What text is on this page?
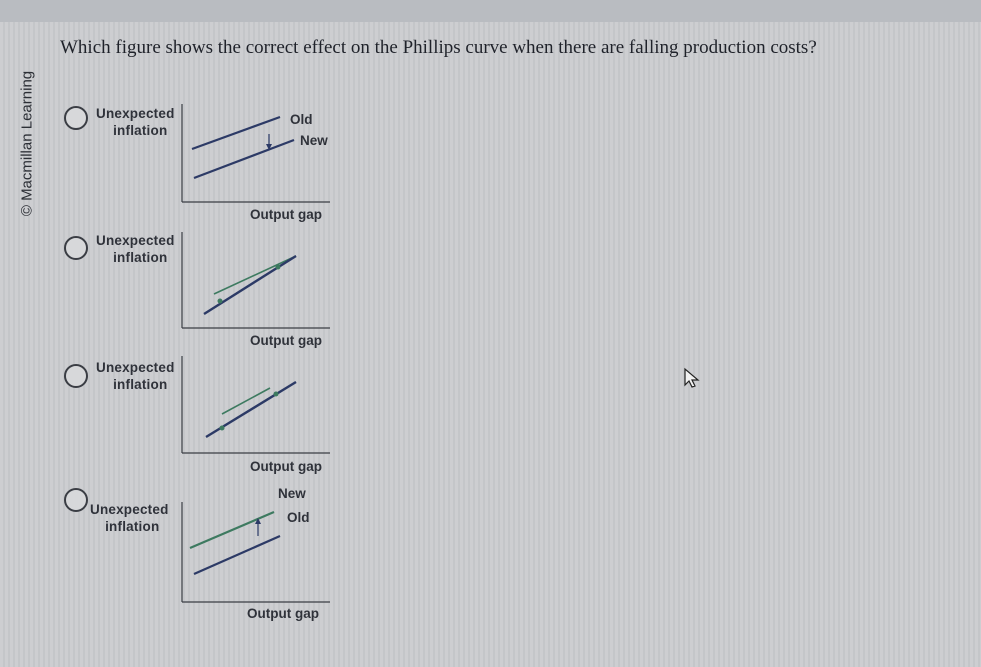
© Macmillan Learning
Which figure shows the correct effect on the Phillips curve when there are falling production costs?
Unexpected
inflation
Old
New
Output gap
Unexpected
inflation
Output gap
Unexpected
inflation
Output gap
Unexpected
inflation
New
Old
Output gap
